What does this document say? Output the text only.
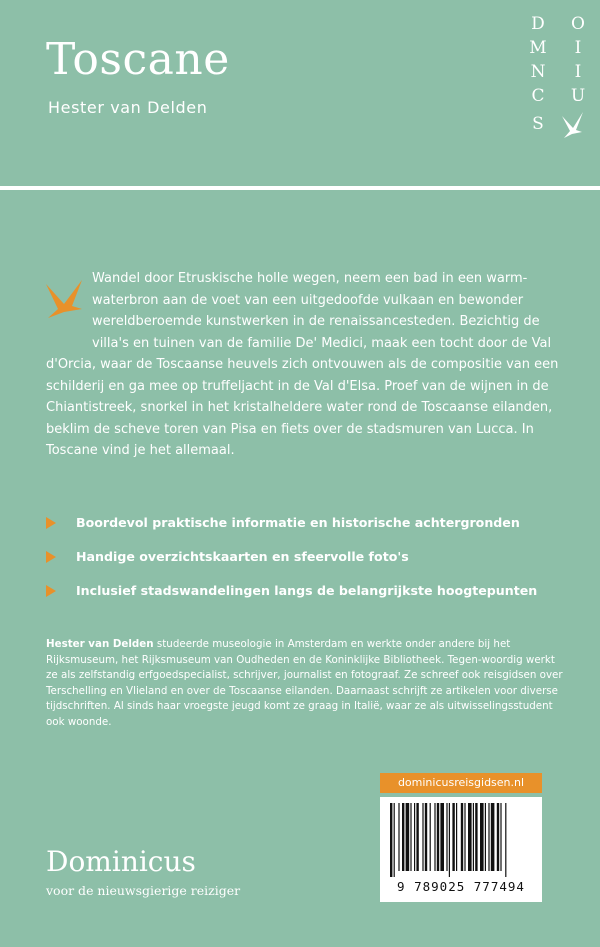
Toscane
Hester van Delden
D O
M	I
N	I
C U
S

Wandel door Etruskische holle wegen, neem een bad in een warm-waterbron aan de voet van een uitgedoofde vulkaan en bewonder wereldberoemde kunstwerken in de renaissancesteden. Bezichtig de villa's en tuinen van de familie De' Medici, maak een tocht door de Val d'Orcia, waar de Toscaanse heuvels zich ontvouwen als de compositie van een schilderij en ga mee op truffeljacht in de Val d'Elsa. Proef van de wijnen in de Chiantistreek, snorkel in het kristalheldere water rond de Toscaanse eilanden, beklim de scheve toren van Pisa en fiets over de stadsmuren van Lucca. In Toscane vind je het allemaal.

Boordevol praktische informatie en historische achtergronden
Handige overzichtskaarten en sfeervolle foto's
Inclusief stadswandelingen langs de belangrijkste hoogtepunten

Hester van Delden studeerde museologie in Amsterdam en werkte onder andere bij het Rijksmuseum, het Rijksmuseum van Oudheden en de Koninklijke Bibliotheek. Tegen-woordig werkt ze als zelfstandig erfgoedspecialist, schrijver, journalist en fotograaf. Ze schreef ook reisgidsen over Terschelling en Vlieland en over de Toscaanse eilanden. Daarnaast schrijft ze artikelen voor diverse tijdschriften. Al sinds haar vroegste jeugd komt ze graag in Italië, waar ze als uitwisselingsstudent ook woonde.

dominicusreisgidsen.nl
9 789025 777494
Dominicus
voor de nieuwsgierige reiziger
